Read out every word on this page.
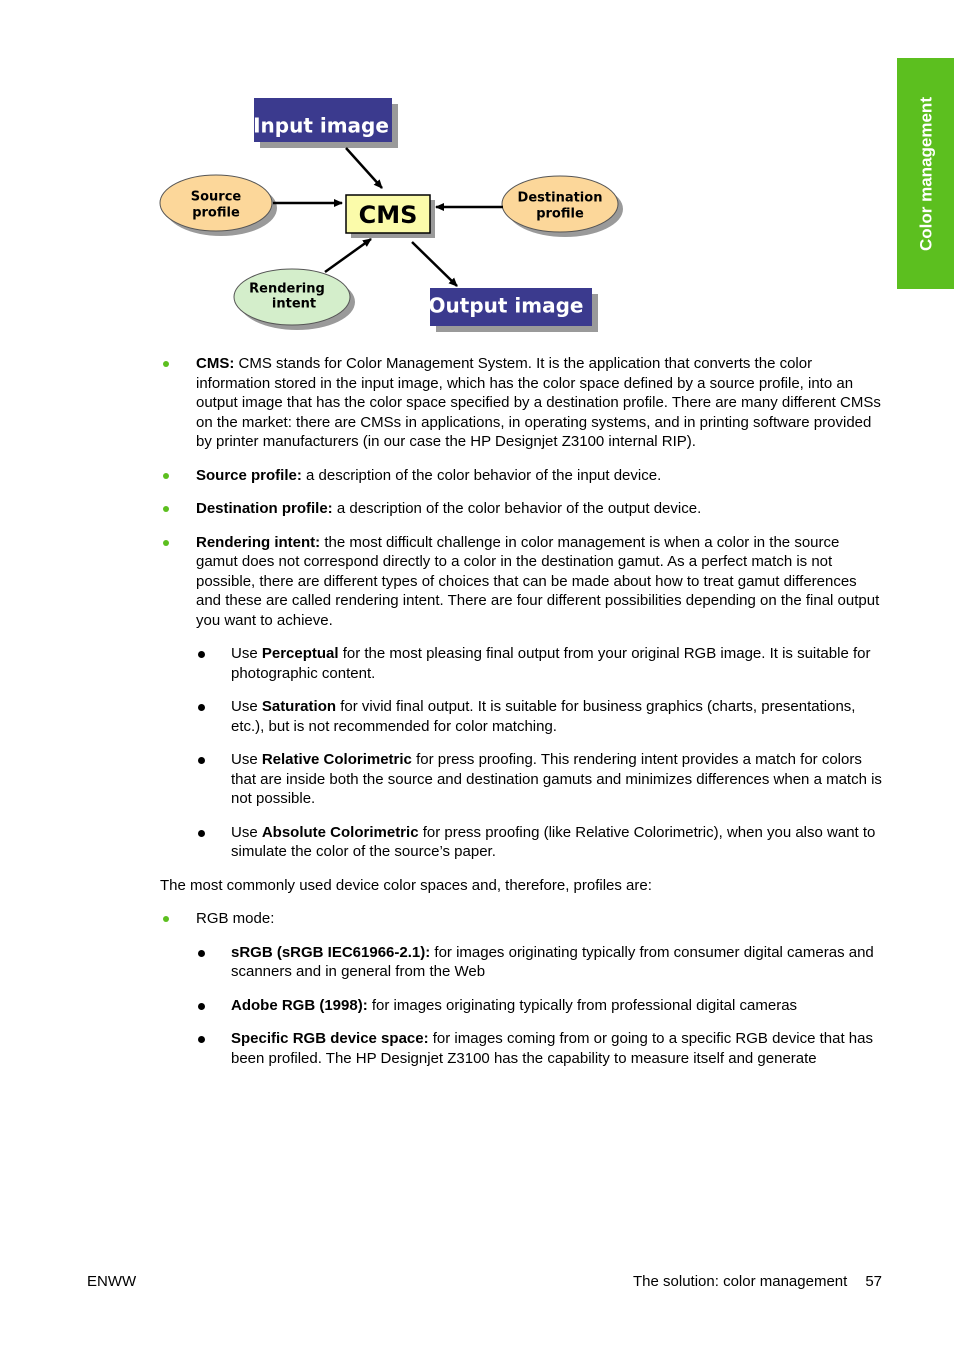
Color management
Input image
CMS
Output image
Source
profile
Destination
profile
Rendering
intent
CMS: CMS stands for Color Management System. It is the application that converts the color information stored in the input image, which has the color space defined by a source profile, into an output image that has the color space specified by a destination profile. There are many different CMSs on the market: there are CMSs in applications, in operating systems, and in printing software provided by printer manufacturers (in our case the HP Designjet Z3100 internal RIP).
Source profile: a description of the color behavior of the input device.
Destination profile: a description of the color behavior of the output device.
Rendering intent: the most difficult challenge in color management is when a color in the source gamut does not correspond directly to a color in the destination gamut. As a perfect match is not possible, there are different types of choices that can be made about how to treat gamut differences and these are called rendering intent. There are four different possibilities depending on the final output you want to achieve.
Use Perceptual for the most pleasing final output from your original RGB image. It is suitable for photographic content.
Use Saturation for vivid final output. It is suitable for business graphics (charts, presentations, etc.), but is not recommended for color matching.
Use Relative Colorimetric for press proofing. This rendering intent provides a match for colors that are inside both the source and destination gamuts and minimizes differences when a match is not possible.
Use Absolute Colorimetric for press proofing (like Relative Colorimetric), when you also want to simulate the color of the source’s paper.

The most commonly used device color spaces and, therefore, profiles are:

RGB mode:
sRGB (sRGB IEC61966-2.1): for images originating typically from consumer digital cameras and scanners and in general from the Web
Adobe RGB (1998): for images originating typically from professional digital cameras
Specific RGB device space: for images coming from or going to a specific RGB device that has been profiled. The HP Designjet Z3100 has the capability to measure itself and generate
ENWW	The solution: color management 57
